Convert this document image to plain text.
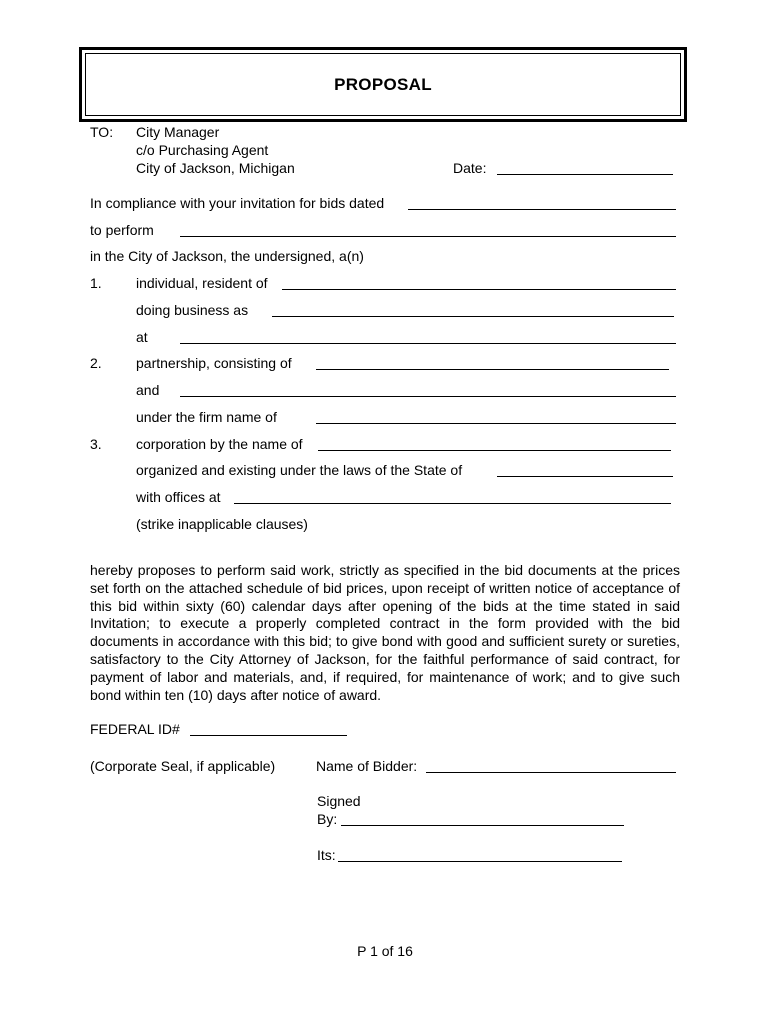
PROPOSAL
TO: City Manager
c/o Purchasing Agent
City of Jackson, Michigan	Date:
In compliance with your invitation for bids dated
to perform
in the City of Jackson, the undersigned, a(n)
1. individual, resident of
doing business as
at
2. partnership, consisting of
and
under the firm name of
3. corporation by the name of
organized and existing under the laws of the State of
with offices at
(strike inapplicable clauses)
hereby proposes to perform said work, strictly as specified in the bid documents at the prices set forth on the attached schedule of bid prices, upon receipt of written notice of acceptance of this bid within sixty (60) calendar days after opening of the bids at the time stated in said Invitation; to execute a properly completed contract in the form provided with the bid documents in accordance with this bid; to give bond with good and sufficient surety or sureties, satisfactory to the City Attorney of Jackson, for the faithful performance of said contract, for payment of labor and materials, and, if required, for maintenance of work; and to give such bond within ten (10) days after notice of award.
FEDERAL ID#
(Corporate Seal, if applicable)	Name of Bidder:
Signed
By:
Its:
P 1 of 16
